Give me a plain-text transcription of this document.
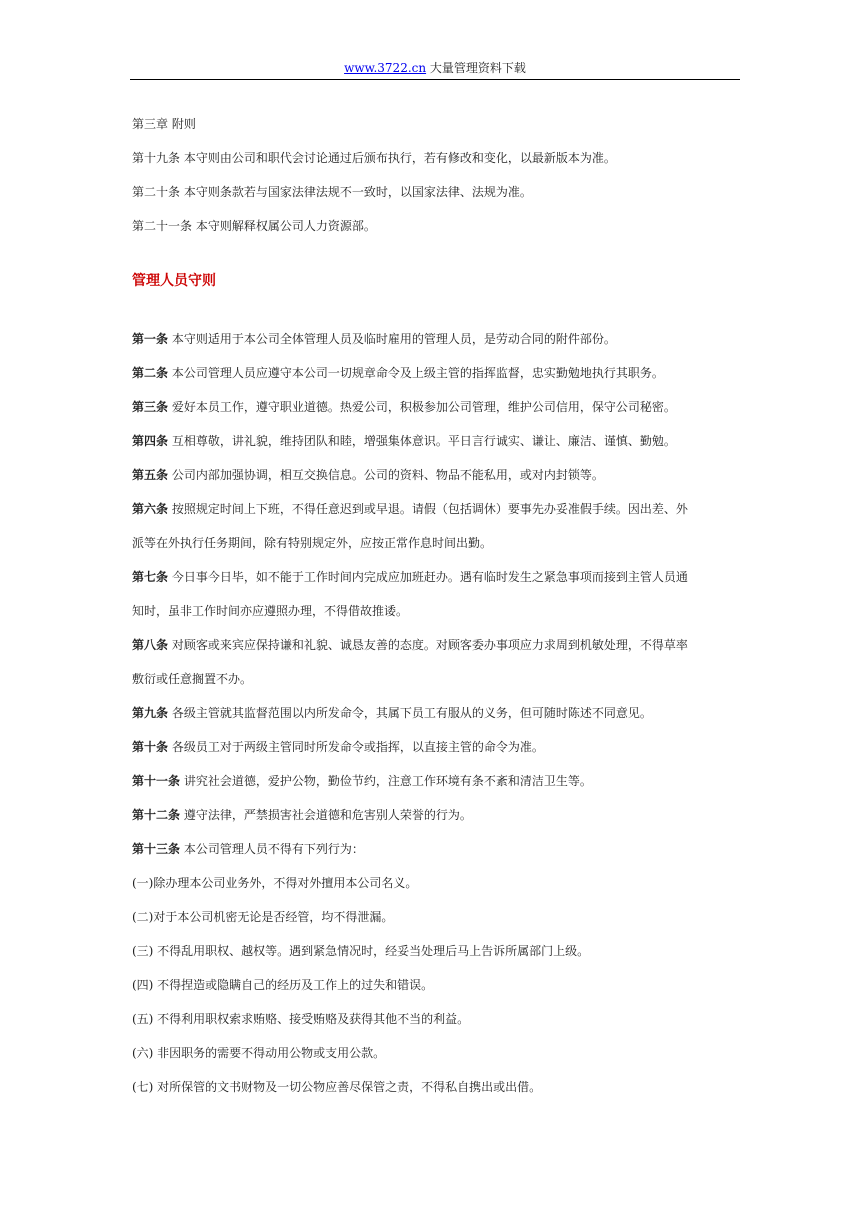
www.3722.cn 大量管理资料下载

第三章 附则

第十九条 本守则由公司和职代会讨论通过后颁布执行，若有修改和变化，以最新版本为准。

第二十条 本守则条款若与国家法律法规不一致时，以国家法律、法规为准。

第二十一条 本守则解释权属公司人力资源部。

管理人员守则

第一条 本守则适用于本公司全体管理人员及临时雇用的管理人员，是劳动合同的附件部份。

第二条 本公司管理人员应遵守本公司一切规章命令及上级主管的指挥监督，忠实勤勉地执行其职务。

第三条 爱好本员工作，遵守职业道德。热爱公司，积极参加公司管理，维护公司信用，保守公司秘密。

第四条 互相尊敬，讲礼貌，维持团队和睦，增强集体意识。平日言行诚实、谦让、廉洁、谨慎、勤勉。

第五条 公司内部加强协调，相互交换信息。公司的资料、物品不能私用，或对内封锁等。

第六条 按照规定时间上下班，不得任意迟到或早退。请假（包括调休）要事先办妥准假手续。因出差、外

派等在外执行任务期间，除有特别规定外，应按正常作息时间出勤。

第七条 今日事今日毕，如不能于工作时间内完成应加班赶办。遇有临时发生之紧急事项而接到主管人员通

知时，虽非工作时间亦应遵照办理，不得借故推诿。

第八条 对顾客或来宾应保持谦和礼貌、诚恳友善的态度。对顾客委办事项应力求周到机敏处理，不得草率

敷衍或任意搁置不办。

第九条 各级主管就其监督范围以内所发命令，其属下员工有服从的义务，但可随时陈述不同意见。

第十条 各级员工对于两级主管同时所发命令或指挥，以直接主管的命令为准。

第十一条 讲究社会道德，爱护公物，勤俭节约，注意工作环境有条不紊和清洁卫生等。

第十二条 遵守法律，严禁损害社会道德和危害别人荣誉的行为。

第十三条 本公司管理人员不得有下列行为：

(一)除办理本公司业务外，不得对外擅用本公司名义。

(二)对于本公司机密无论是否经管，均不得泄漏。

(三) 不得乱用职权、越权等。遇到紧急情况时，经妥当处理后马上告诉所属部门上级。

(四) 不得捏造或隐瞒自己的经历及工作上的过失和错误。

(五) 不得利用职权索求贿赂、接受贿赂及获得其他不当的利益。

(六) 非因职务的需要不得动用公物或支用公款。

(七) 对所保管的文书财物及一切公物应善尽保管之责，不得私自携出或出借。
